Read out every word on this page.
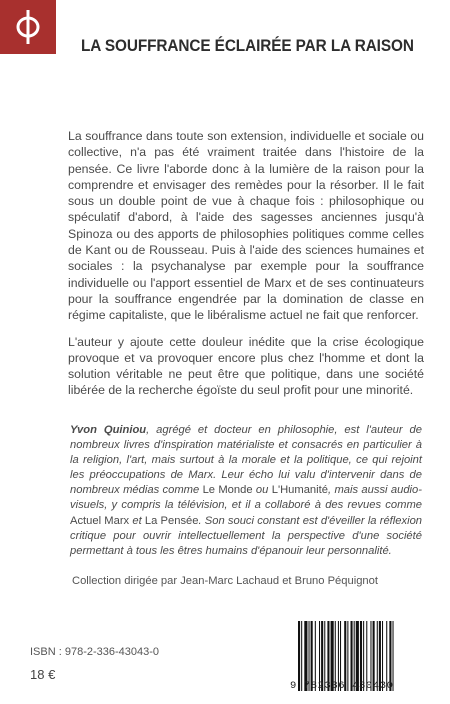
LA SOUFFRANCE ÉCLAIRÉE PAR LA RAISON

La souffrance dans toute son extension, individuelle et sociale ou collective, n'a pas été vraiment traitée dans l'histoire de la pensée. Ce livre l'aborde donc à la lumière de la raison pour la comprendre et envisager des remèdes pour la résorber. Il le fait sous un double point de vue à chaque fois : philosophique ou spéculatif d'abord, à l'aide des sagesses anciennes jusqu'à Spinoza ou des apports de philosophies politiques comme celles de Kant ou de Rousseau. Puis à l'aide des sciences humaines et sociales : la psychanalyse par exemple pour la souffrance individuelle ou l'apport essentiel de Marx et de ses continuateurs pour la souffrance engendrée par la domination de classe en régime capitaliste, que le libéralisme actuel ne fait que renforcer.

L'auteur y ajoute cette douleur inédite que la crise écologique provoque et va provoquer encore plus chez l'homme et dont la solution véritable ne peut être que politique, dans une société libérée de la recherche égoïste du seul profit pour une minorité.

Yvon Quiniou, agrégé et docteur en philosophie, est l'auteur de nombreux livres d'inspiration matérialiste et consacrés en particulier à la religion, l'art, mais surtout à la morale et la politique, ce qui rejoint les préoccupations de Marx. Leur écho lui valu d'intervenir dans de nombreux médias comme Le Monde ou L'Humanité, mais aussi audio-visuels, y compris la télévision, et il a collaboré à des revues comme Actuel Marx et La Pensée. Son souci constant est d'éveiller la réflexion critique pour ouvrir intellectuellement la perspective d'une société permettant à tous les êtres humains d'épanouir leur personnalité.
Collection dirigée par Jean-Marc Lachaud et Bruno Péquignot
ISBN : 978-2-336-43043-0
18 €
9 782336 430430
